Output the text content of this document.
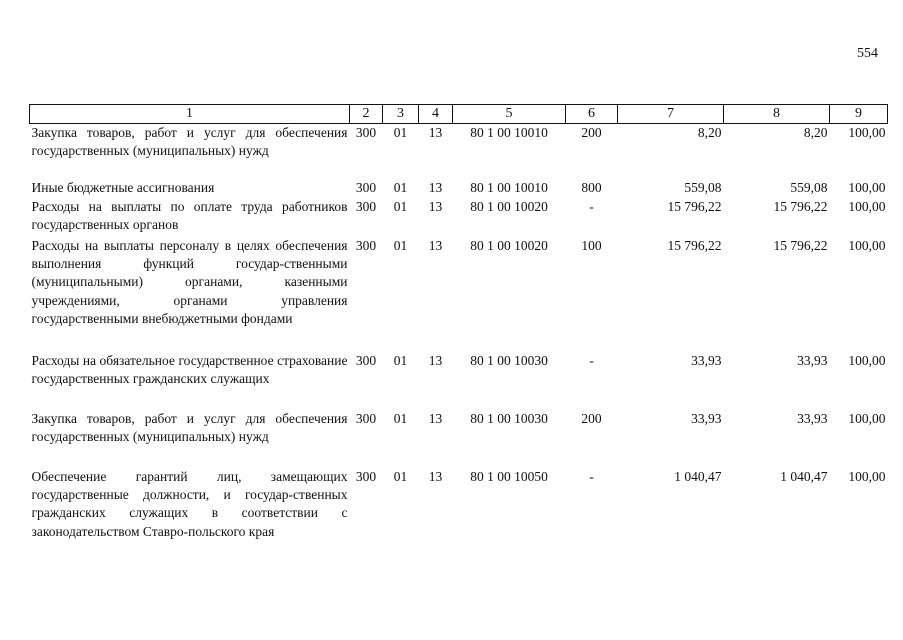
554
1	2	3	4	5	6	7	8	9
Закупка товаров, работ и услуг для обеспечения государственных (муниципальных) нужд	300	01	13	80 1 00 10010	200	8,20	8,20	100,00
Иные бюджетные ассигнования	300	01	13	80 1 00 10010	800	559,08	559,08	100,00
Расходы на выплаты по оплате труда работников государственных органов	300	01	13	80 1 00 10020	-	15 796,22	15 796,22	100,00
Расходы на выплаты персоналу в целях обеспечения выполнения функций государ-ственными (муниципальными) органами, казенными учреждениями, органами управления государственными внебюджетными фондами	300	01	13	80 1 00 10020	100	15 796,22	15 796,22	100,00
Расходы на обязательное государственное страхование государственных гражданских служащих	300	01	13	80 1 00 10030	-	33,93	33,93	100,00
Закупка товаров, работ и услуг для обеспечения государственных (муниципальных) нужд	300	01	13	80 1 00 10030	200	33,93	33,93	100,00
Обеспечение гарантий лиц, замещающих государственные должности, и государ-ственных гражданских служащих в соответствии с законодательством Ставро-польского края	300	01	13	80 1 00 10050	-	1 040,47	1 040,47	100,00
